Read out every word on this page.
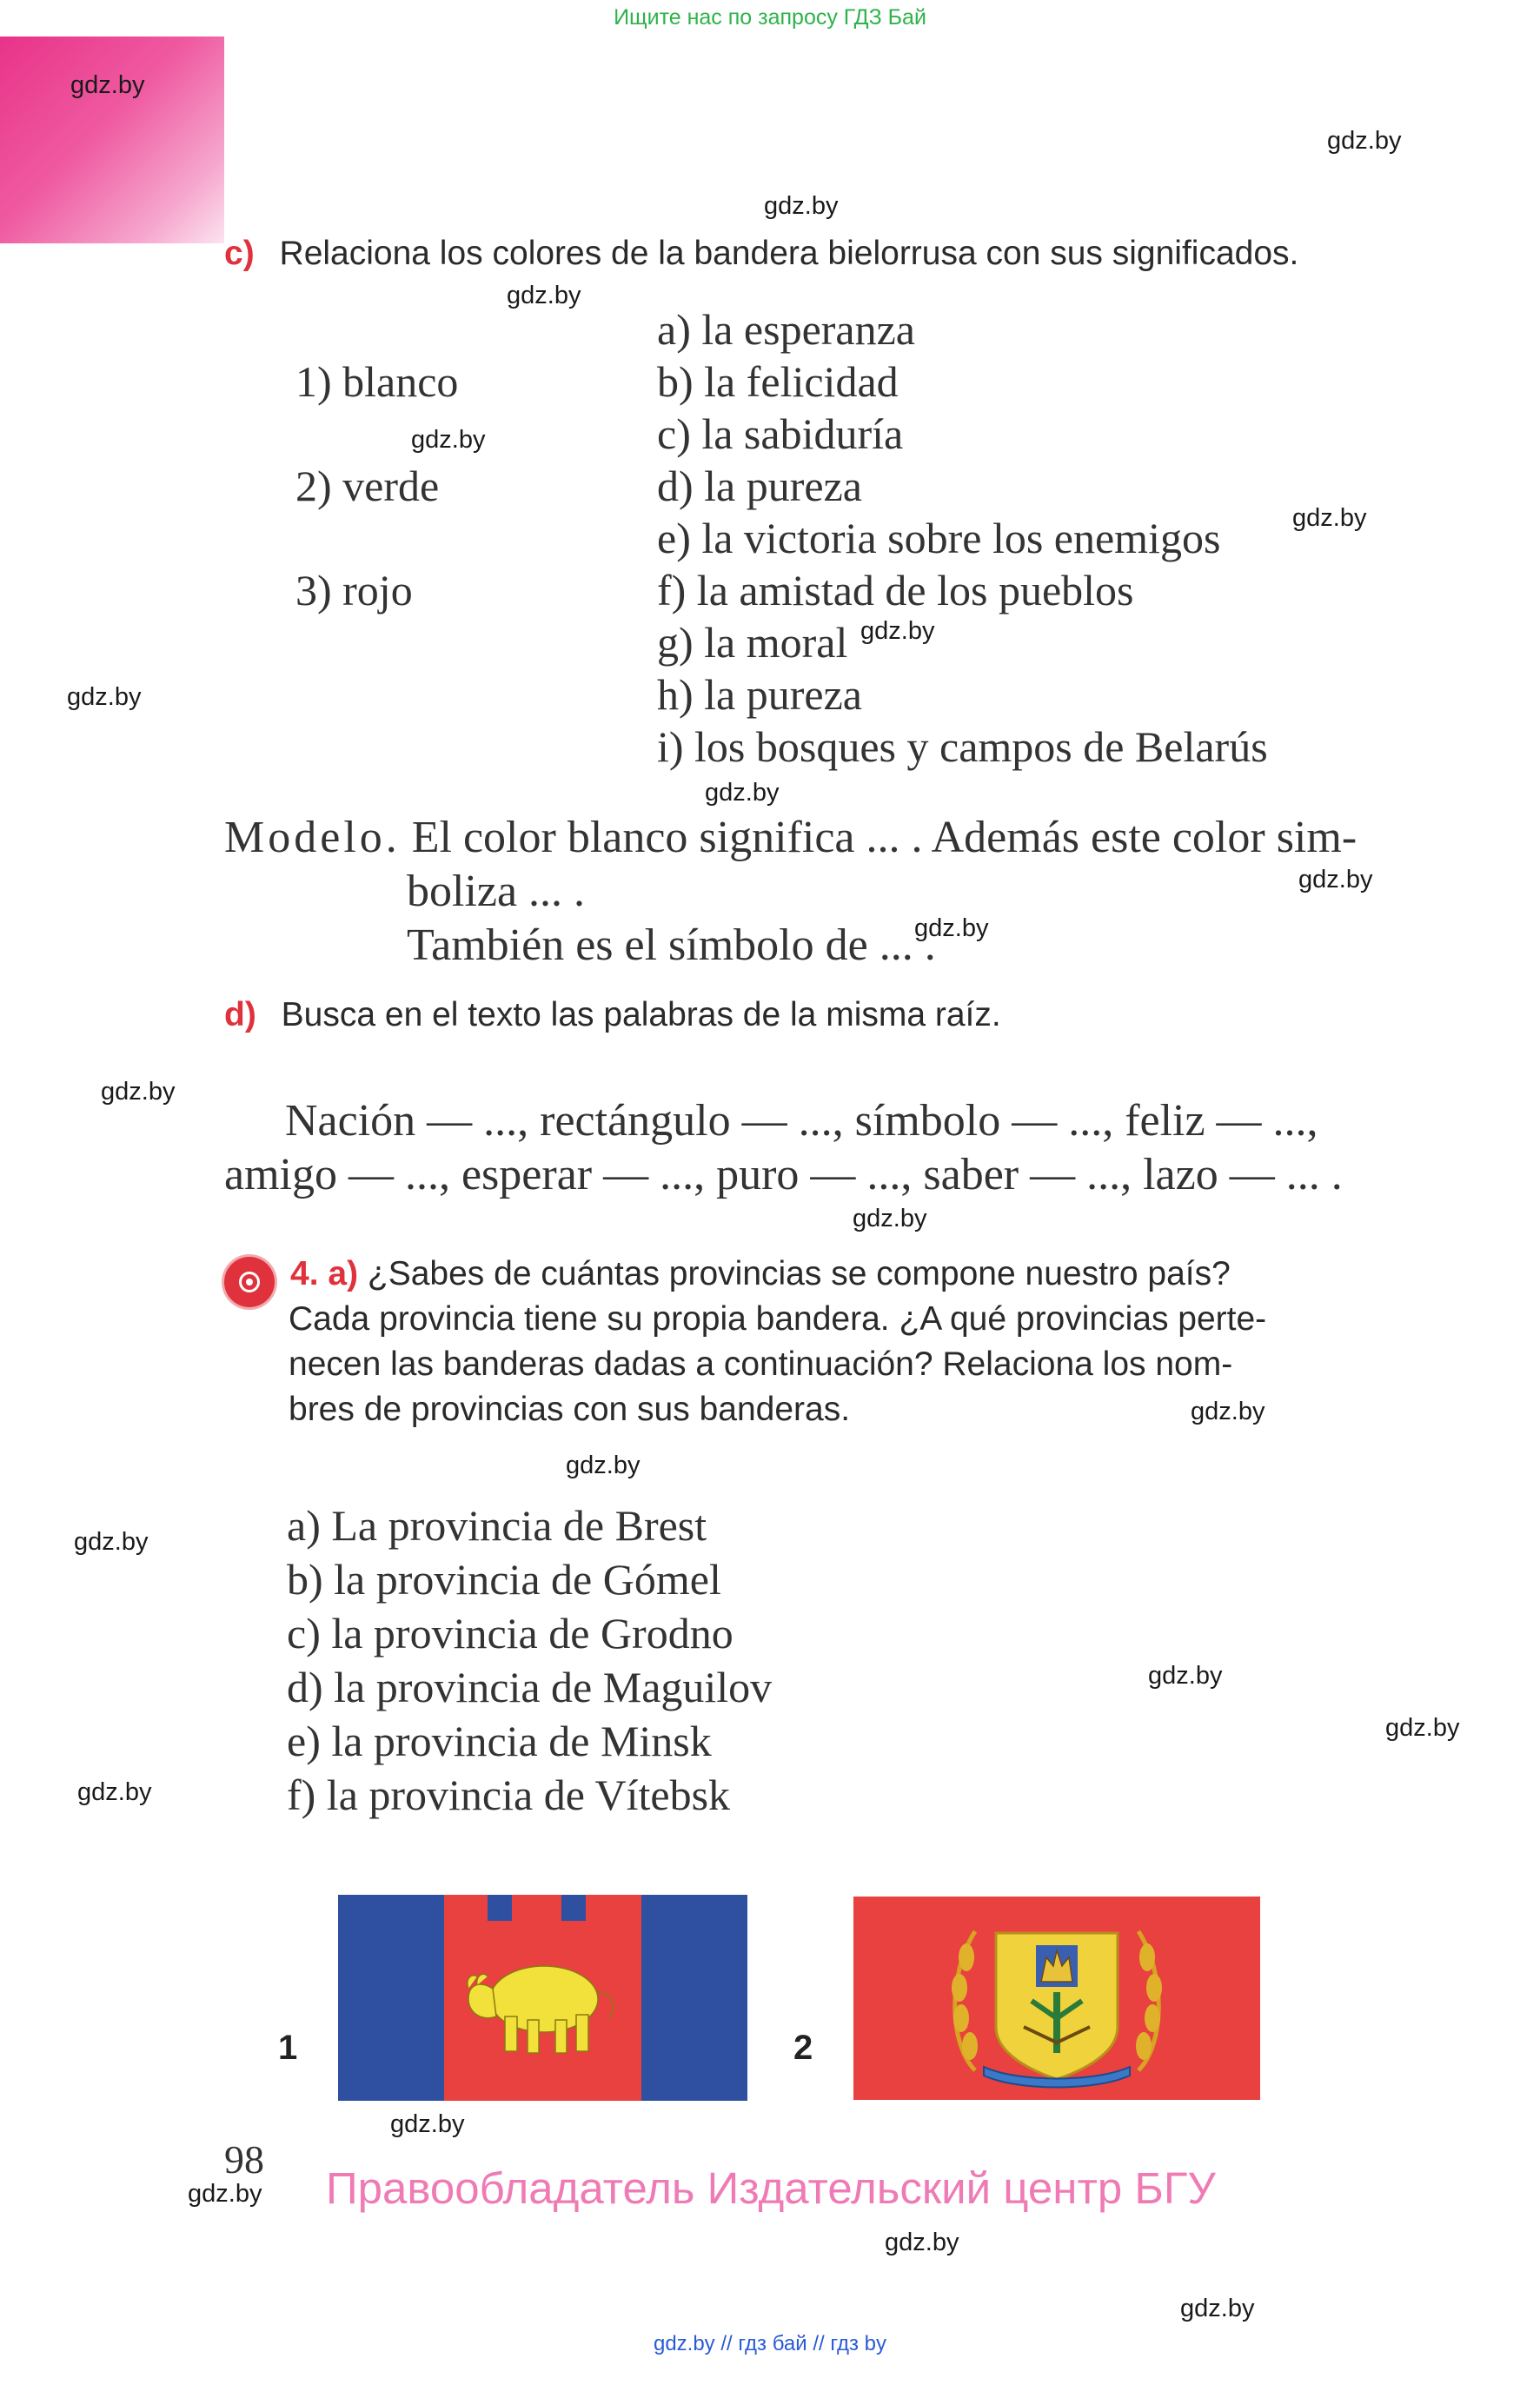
Ищите нас по запросу ГДЗ Бай
gdz.by
gdz.by
gdz.by
gdz.by
gdz.by
gdz.by
gdz.by
gdz.by
gdz.by
gdz.by
gdz.by
gdz.by
gdz.by
gdz.by
gdz.by
gdz.by
gdz.by
gdz.by
gdz.by
gdz.by
gdz.by
gdz.by
gdz.by
c) Relaciona los colores de la bandera bielorrusa con sus significados.
1) blanco
2) verde
3) rojo
a) la esperanza
b) la felicidad
c) la sabiduría
d) la pureza
e) la victoria sobre los enemigos
f) la amistad de los pueblos
g) la moral
h) la pureza
i) los bosques y campos de Belarús
Modelo. El color blanco significa ... . Además este color sim-
boliza ... .
También es el símbolo de ... .
d) Busca en el texto las palabras de la misma raíz.
Nación — ..., rectángulo — ..., símbolo — ..., feliz — ...,
amigo — ..., esperar — ..., puro — ..., saber — ..., lazo — ... .
4. a) ¿Sabes de cuántas provincias se compone nuestro país?
Cada provincia tiene su propia bandera. ¿A qué provincias perte-
necen las banderas dadas a continuación? Relaciona los nom-
bres de provincias con sus banderas.
a) La provincia de Brest
b) la provincia de Gómel
c) la provincia de Grodno
d) la provincia de Maguilov
e) la provincia de Minsk
f) la provincia de Vítebsk
1	2
98
Правообладатель Издательский центр БГУ
gdz.by // гдз бай // гдз by
